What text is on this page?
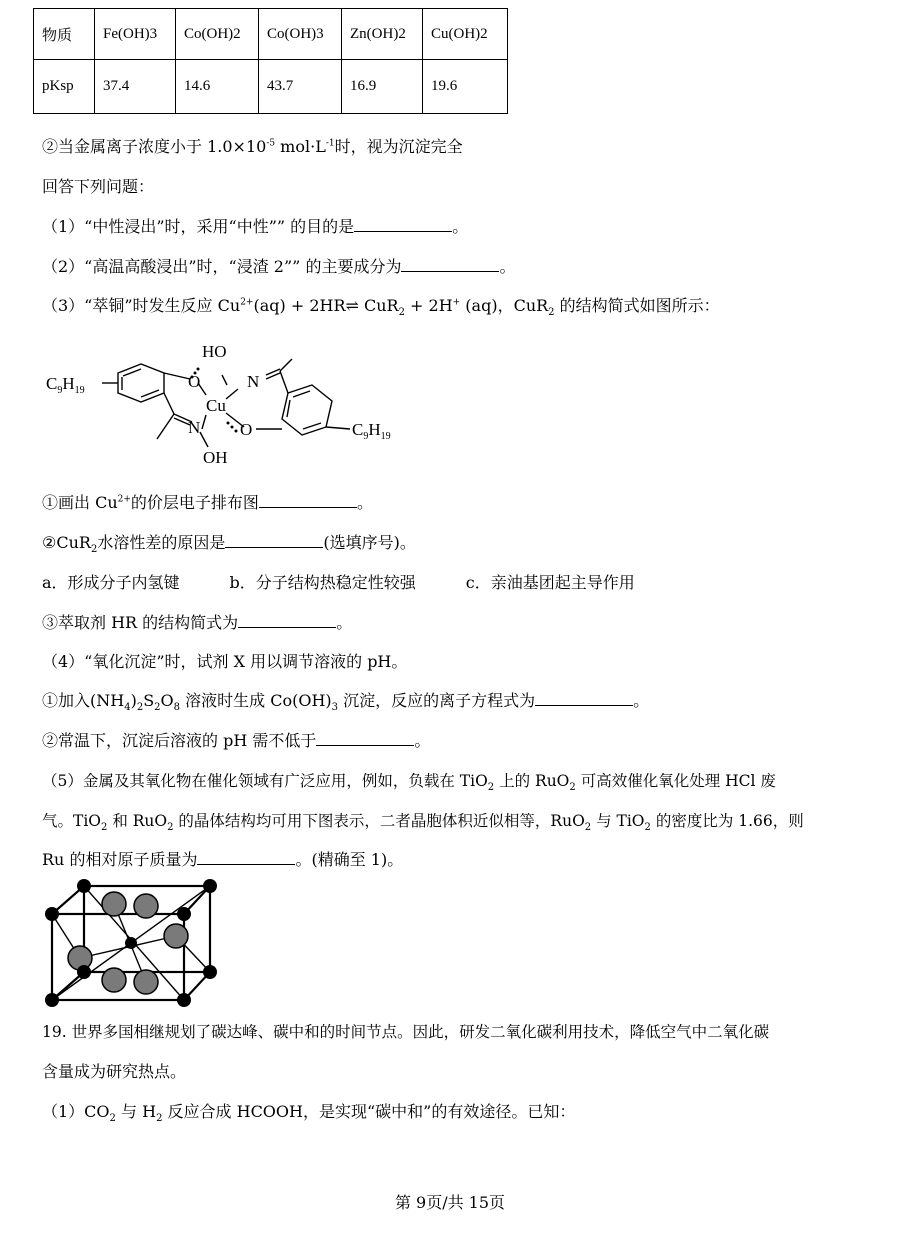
物质	Fe(OH)3	Co(OH)2	Co(OH)3	Zn(OH)2	Cu(OH)2
pKsp	37.4	14.6	43.7	16.9	19.6
②当金属离子浓度小于 $1.0\times 10^{-5}$ $mol\cdot L^{-1}$时，视为沉淀完全
回答下列问题：
（1）“中性浸出”时，采用“中性”” 的目的是	。
（2）“高温高酸浸出”时，“浸渣 2”” 的主要成分为	。
（3）“萃铜”时发生反应 $Cu^{2+}(aq)$ + 2HR⇌ CuR$_2$ + 2H+ (aq)，CuR$_2$ 的结构简式如图所示：
$C_9H_{19}$	O
HO
N
Cu
N O
OH
$C_9H_{19}$
①画出 $Cu^{2+}$的价层电子排布图	。
②CuR$_2$水溶性差的原因是	(选填序号)。
a．形成分子内氢键	b．分子结构热稳定性较强	c．亲油基团起主导作用
③萃取剂 HR 的结构简式为	。
（4）“氧化沉淀”时，试剂 X 用以调节溶液的 pH。
①加入$(NH_4)_2S_2O_8$ 溶液时生成 $Co(OH)_3$ 沉淀，反应的离子方程式为	。
②常温下，沉淀后溶液的 pH 需不低于	。
（5）金属及其氧化物在催化领域有广泛应用，例如，负载在 TiO$_2$ 上的 RuO$_2$ 可高效催化氧化处理 HCl 废
气。TiO$_2$ 和 RuO$_2$ 的晶体结构均可用下图表示，二者晶胞体积近似相等，RuO$_2$ 与 TiO$_2$ 的密度比为 1.66，则
Ru 的相对原子质量为	。(精确至 1)。
19. 世界多国相继规划了碳达峰、碳中和的时间节点。因此，研发二氧化碳利用技术，降低空气中二氧化碳
含量成为研究热点。
$(1)CO_2$ 与 $H_2$ 反应合成 HCOOH，是实现“碳中和”的有效途径。已知：
第 9页/共 15页
